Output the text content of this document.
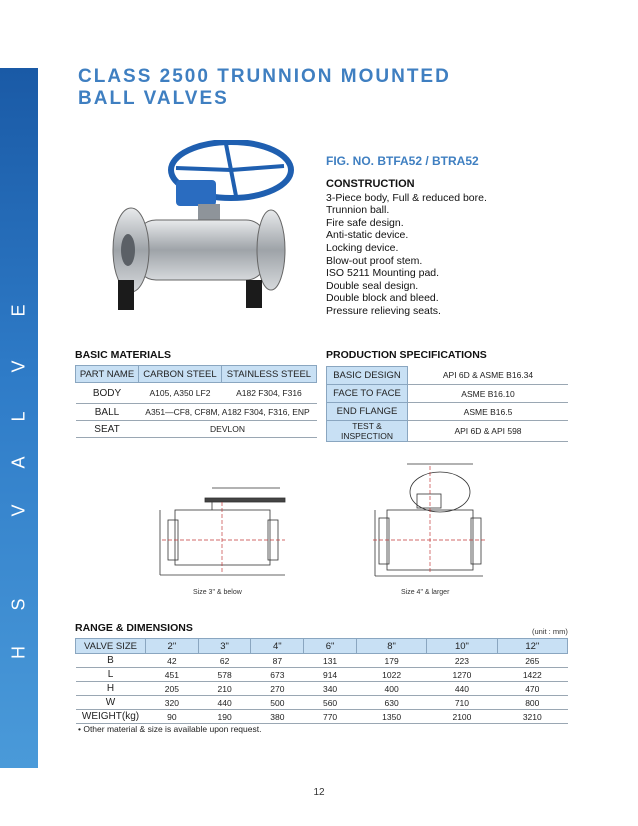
E
V
L
A
V
S
H
CLASS 2500 TRUNNION MOUNTED
BALL VALVES
FIG. NO. BTFA52 / BTRA52
CONSTRUCTION
3-Piece body, Full & reduced bore.
Trunnion ball.
Fire safe design.
Anti-static device.
Locking device.
Blow-out proof stem.
ISO 5211 Mounting pad.
Double seal design.
Double block and bleed.
Pressure relieving seats.
BASIC MATERIALS
PART NAME	CARBON STEEL	STAINLESS STEEL
BODY	A105, A350 LF2	A182 F304, F316
BALL	A351—CF8, CF8M, A182 F304, F316, ENP	
SEAT	DEVLON	
PRODUCTION SPECIFICATIONS
BASIC DESIGN	API 6D & ASME B16.34
FACE TO FACE	ASME B16.10
END FLANGE	ASME B16.5
TEST & INSPECTION	API 6D & API 598
Size 3" & below	Size 4" & larger
RANGE & DIMENSIONS	(unit : mm)
VALVE SIZE	2"	3"	4"	6"	8"	10"	12"
B	42	62	87	131	179	223	265
L	451	578	673	914	1022	1270	1422
H	205	210	270	340	400	440	470
W	320	440	500	560	630	710	800
WEIGHT(kg)	90	190	380	770	1350	2100	3210
• Other material & size is available upon request.
12
